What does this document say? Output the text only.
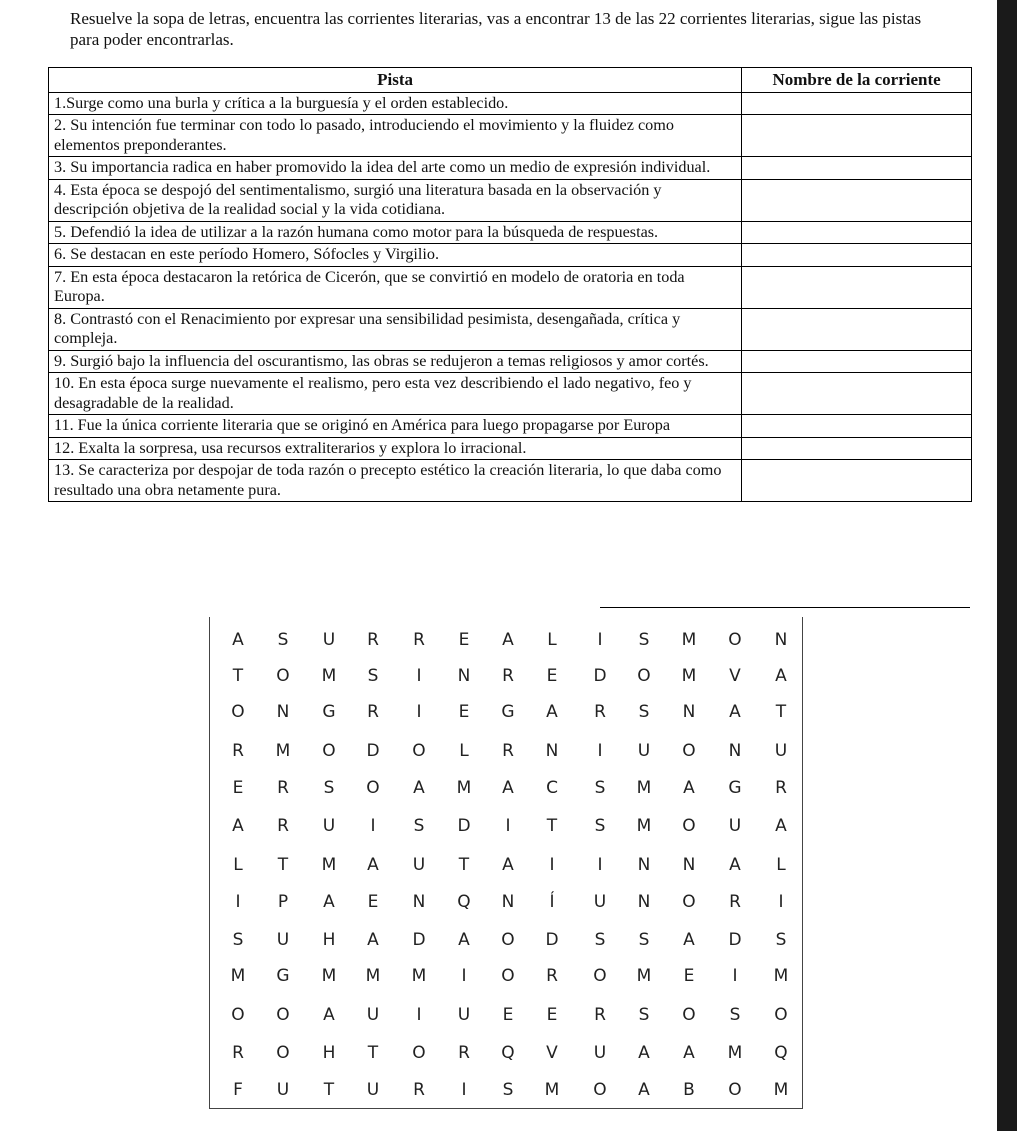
Resuelve la sopa de letras, encuentra las corrientes literarias, vas a encontrar 13 de las 22 corrientes literarias, sigue las pistas para poder encontrarlas.

Pista	Nombre de la corriente
1.Surge como una burla y crítica a la burguesía y el orden establecido.	
2. Su intención fue terminar con todo lo pasado, introduciendo el movimiento y la fluidez como elementos preponderantes.	
3. Su importancia radica en haber promovido la idea del arte como un medio de expresión individual.	
4. Esta época se despojó del sentimentalismo, surgió una literatura basada en la observación y descripción objetiva de la realidad social y la vida cotidiana.	
5. Defendió la idea de utilizar a la razón humana como motor para la búsqueda de respuestas.	
6. Se destacan en este período Homero, Sófocles y Virgilio.	
7. En esta época destacaron la retórica de Cicerón, que se convirtió en modelo de oratoria en toda Europa.	
8. Contrastó con el Renacimiento por expresar una sensibilidad pesimista, desengañada, crítica y compleja.	
9. Surgió bajo la influencia del oscurantismo, las obras se redujeron a temas religiosos y amor cortés.	
10. En esta época surge nuevamente el realismo, pero esta vez describiendo el lado negativo, feo y desagradable de la realidad.	
11. Fue la única corriente literaria que se originó en América para luego propagarse por Europa	
12. Exalta la sorpresa, usa recursos extraliterarios y explora lo irracional.	
13. Se caracteriza por despojar de toda razón o precepto estético la creación literaria, lo que daba como resultado una obra netamente pura.	
A	S	U	R	R	E	A	L	I	S	M	O	N
T	O	M	S	I	N	R	E	D	O	M	V	A
O	N	G	R	I	E	G	A	R	S	N	A	T
R	M	O	D	O	L	R	N	I	U	O	N	U
E	R	S	O	A	M	A	C	S	M	A	G	R
A	R	U	I	S	D	I	T	S	M	O	U	A
L	T	M	A	U	T	A	I	I	N	N	A	L
I	P	A	E	N	Q	N	Í	U	N	O	R	I
S	U	H	A	D	A	O	D	S	S	A	D	S
M	G	M	M	M	I	O	R	O	M	E	I	M
O	O	A	U	I	U	E	E	R	S	O	S	O
R	O	H	T	O	R	Q	V	U	A	A	M	Q
F	U	T	U	R	I	S	M	O	A	B	O	M
